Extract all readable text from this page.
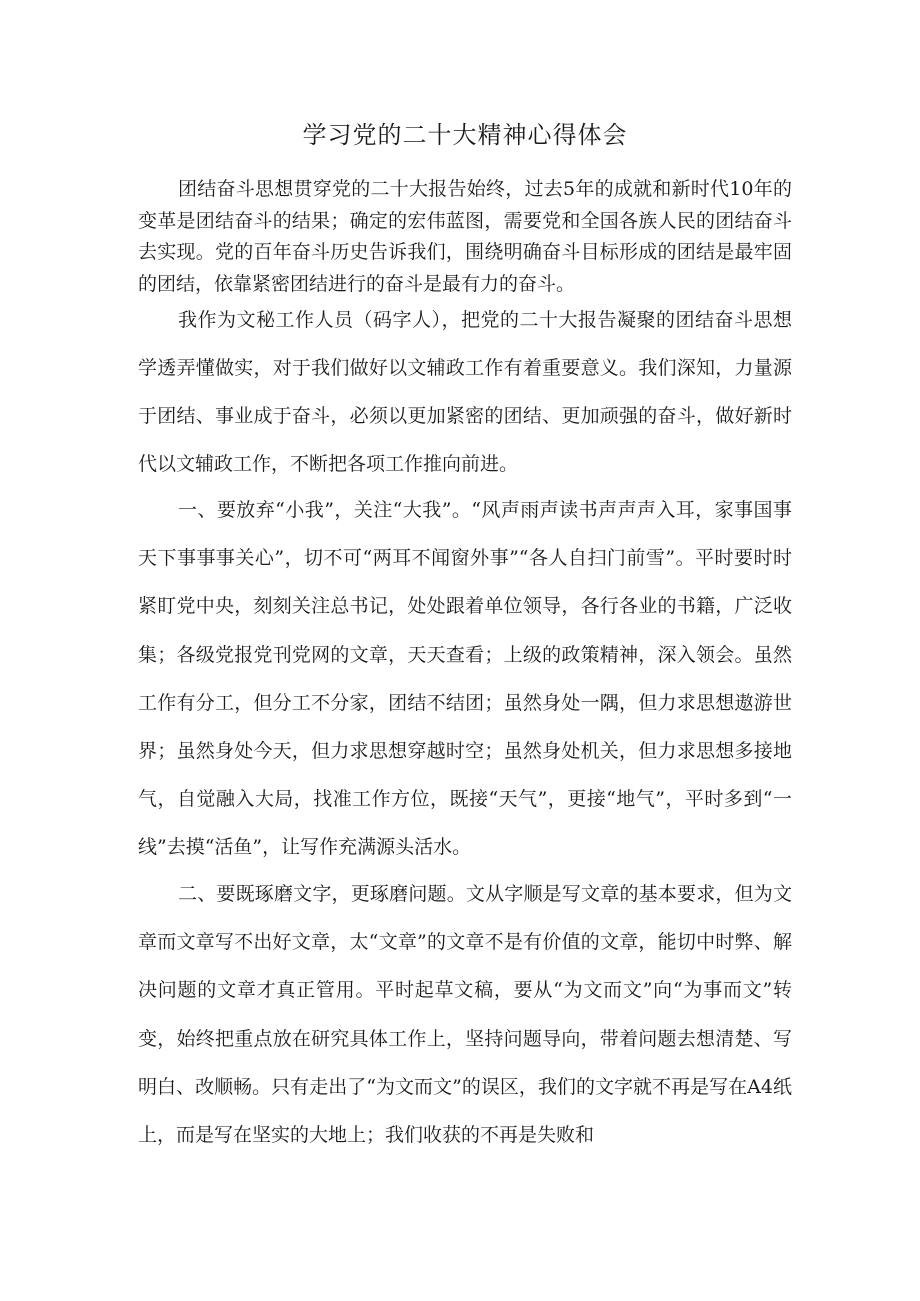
学习党的二十大精神心得体会

团结奋斗思想贯穿党的二十大报告始终，过去5年的成就和新时代10年的变革是团结奋斗的结果；确定的宏伟蓝图，需要党和全国各族人民的团结奋斗去实现。党的百年奋斗历史告诉我们，围绕明确奋斗目标形成的团结是最牢固的团结，依靠紧密团结进行的奋斗是最有力的奋斗。

我作为文秘工作人员（码字人），把党的二十大报告凝聚的团结奋斗思想学透弄懂做实，对于我们做好以文辅政工作有着重要意义。我们深知，力量源于团结、事业成于奋斗，必须以更加紧密的团结、更加顽强的奋斗，做好新时代以文辅政工作，不断把各项工作推向前进。

一、要放弃“小我”，关注“大我”。“风声雨声读书声声声入耳，家事国事天下事事事关心”，切不可“两耳不闻窗外事”“各人自扫门前雪”。平时要时时紧盯党中央，刻刻关注总书记，处处跟着单位领导，各行各业的书籍，广泛收集；各级党报党刊党网的文章，天天查看；上级的政策精神，深入领会。虽然工作有分工，但分工不分家，团结不结团；虽然身处一隅，但力求思想遨游世界；虽然身处今天，但力求思想穿越时空；虽然身处机关，但力求思想多接地气，自觉融入大局，找准工作方位，既接“天气”，更接“地气”，平时多到“一线”去摸“活鱼”，让写作充满源头活水。

二、要既琢磨文字，更琢磨问题。文从字顺是写文章的基本要求，但为文章而文章写不出好文章，太“文章”的文章不是有价值的文章，能切中时弊、解决问题的文章才真正管用。平时起草文稿，要从“为文而文”向“为事而文”转变，始终把重点放在研究具体工作上，坚持问题导向，带着问题去想清楚、写明白、改顺畅。只有走出了“为文而文”的误区，我们的文字就不再是写在A4纸上，而是写在坚实的大地上；我们收获的不再是失败和
